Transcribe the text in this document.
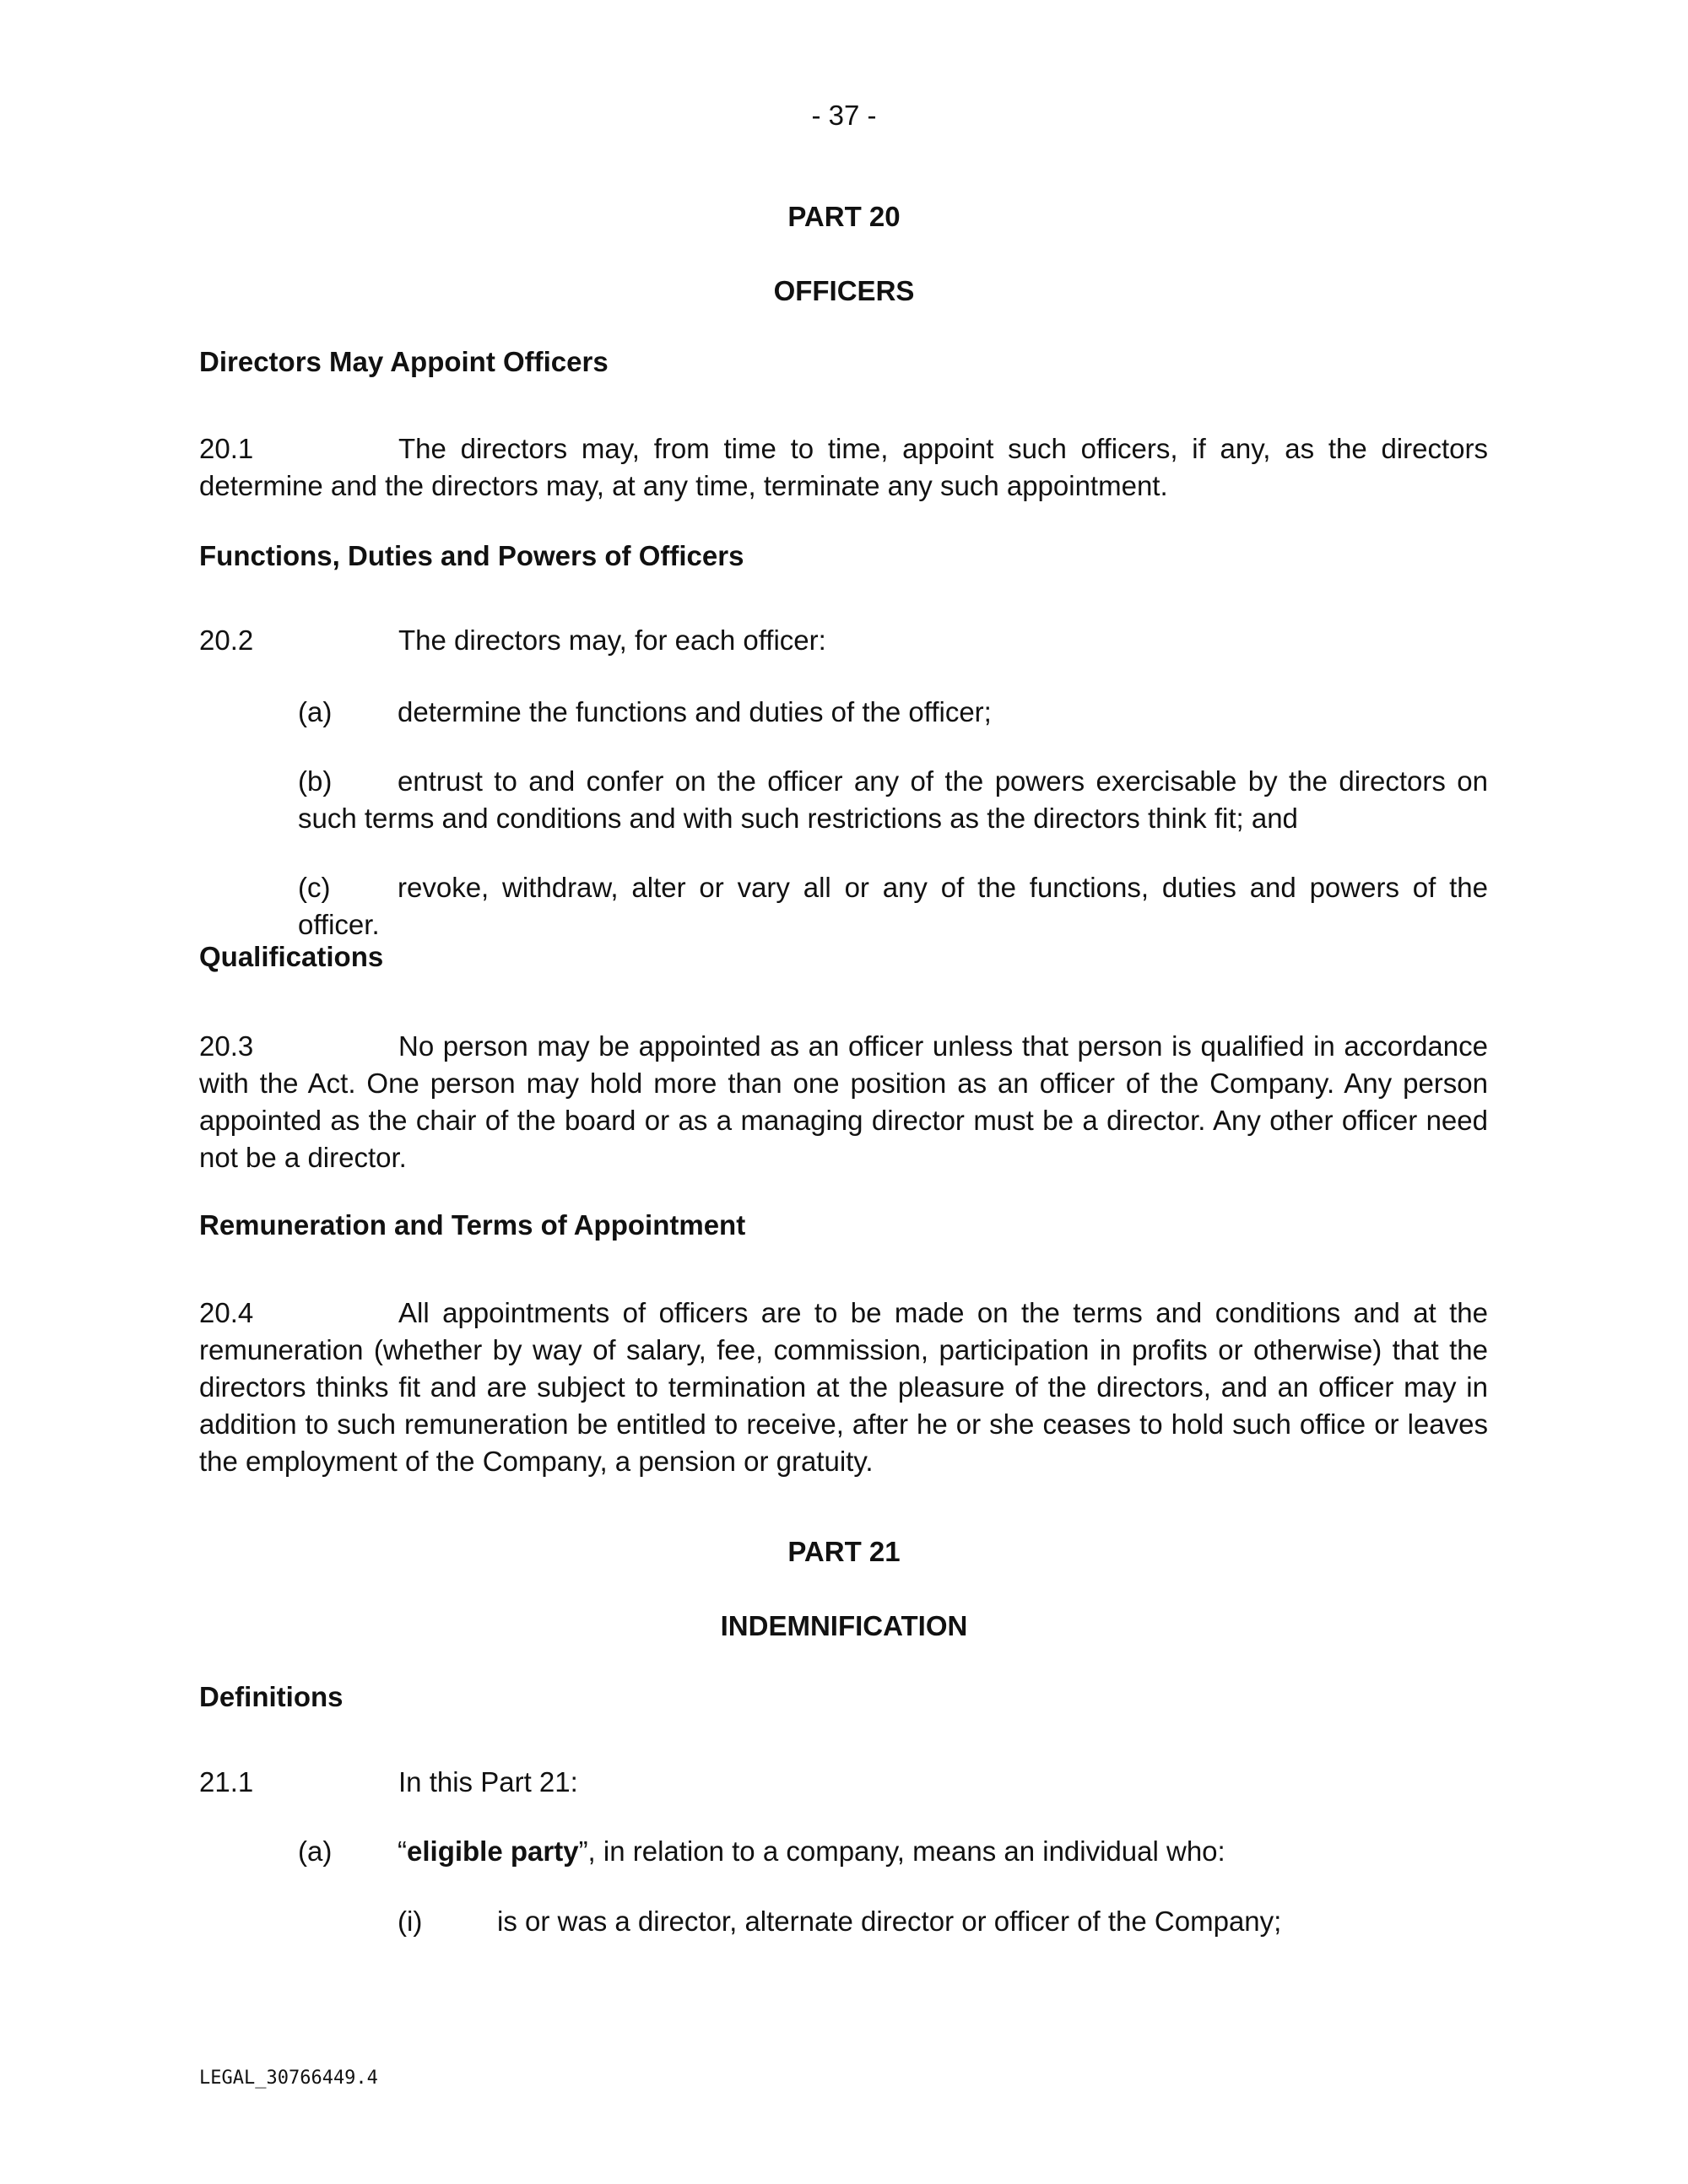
- 37 -
PART 20
OFFICERS
Directors May Appoint Officers
20.1	The directors may, from time to time, appoint such officers, if any, as the directors determine and the directors may, at any time, terminate any such appointment.
Functions, Duties and Powers of Officers
20.2	The directors may, for each officer:
(a) determine the functions and duties of the officer;
(b) entrust to and confer on the officer any of the powers exercisable by the directors on such terms and conditions and with such restrictions as the directors think fit; and
(c) revoke, withdraw, alter or vary all or any of the functions, duties and powers of the officer.
Qualifications
20.3	No person may be appointed as an officer unless that person is qualified in accordance with the Act. One person may hold more than one position as an officer of the Company. Any person appointed as the chair of the board or as a managing director must be a director. Any other officer need not be a director.
Remuneration and Terms of Appointment
20.4	All appointments of officers are to be made on the terms and conditions and at the remuneration (whether by way of salary, fee, commission, participation in profits or otherwise) that the directors thinks fit and are subject to termination at the pleasure of the directors, and an officer may in addition to such remuneration be entitled to receive, after he or she ceases to hold such office or leaves the employment of the Company, a pension or gratuity.
PART 21
INDEMNIFICATION
Definitions
21.1	In this Part 21:
(a) “eligible party”, in relation to a company, means an individual who:
(i)	is or was a director, alternate director or officer of the Company;
LEGAL_30766449.4
